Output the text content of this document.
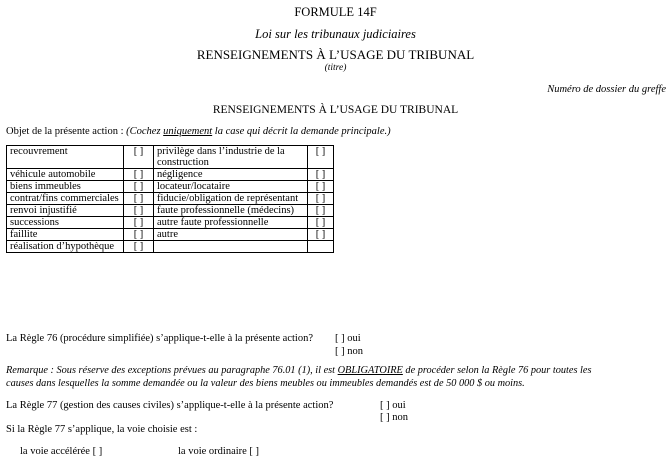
FORMULE 14F
Loi sur les tribunaux judiciaires
RENSEIGNEMENTS À L’USAGE DU TRIBUNAL
(titre)
Numéro de dossier du greffe
RENSEIGNEMENTS À L’USAGE DU TRIBUNAL
Objet de la présente action : (Cochez uniquement la case qui décrit la demande principale.)
recouvrement	[ ]	privilège dans l’industrie de la construction	[ ]
véhicule automobile	[ ]	négligence	[ ]
biens immeubles	[ ]	locateur/locataire	[ ]
contrat/fins commerciales	[ ]	fiducie/obligation de représentant	[ ]
renvoi injustifié	[ ]	faute professionnelle (médecins)	[ ]
successions	[ ]	autre faute professionnelle	[ ]
faillite	[ ]	autre	[ ]
réalisation d’hypothèque	[ ]		
La Règle 76 (procédure simplifiée) s’applique-t-elle à la présente action? [ ] oui
[ ] non
Remarque : Sous réserve des exceptions prévues au paragraphe 76.01 (1), il est OBLIGATOIRE de procéder selon la Règle 76 pour toutes les
causes dans lesquelles la somme demandée ou la valeur des biens meubles ou immeubles demandés est de 50 000 $ ou moins.
La Règle 77 (gestion des causes civiles) s’applique-t-elle à la présente action?	[ ] oui
[ ] non
Si la Règle 77 s’applique, la voie choisie est :
la voie accélérée [ ]	la voie ordinaire [ ]
